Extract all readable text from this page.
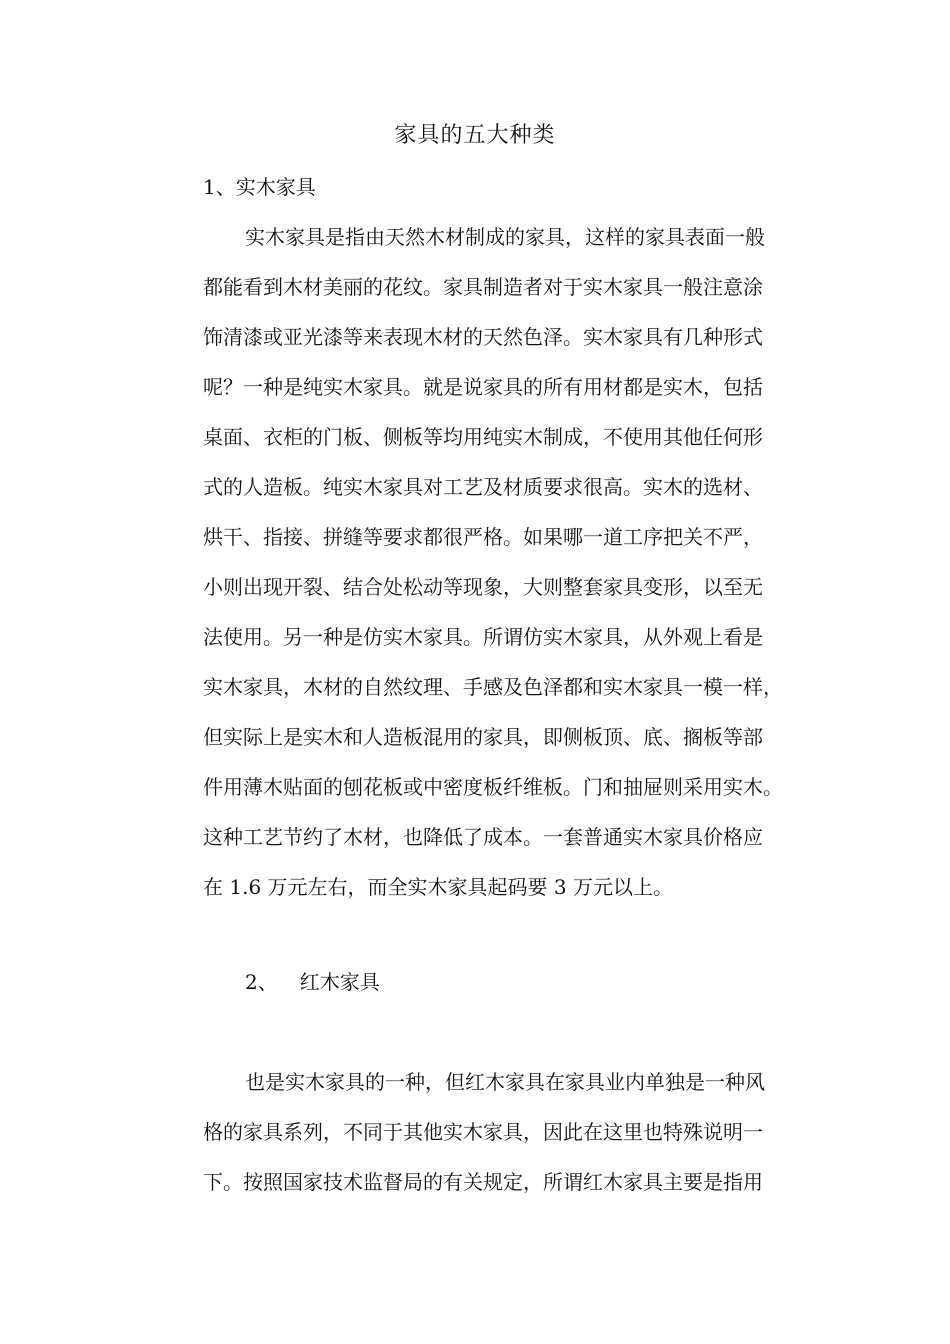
家具的五大种类
1、实木家具
实木家具是指由天然木材制成的家具，这样的家具表面一般
都能看到木材美丽的花纹。家具制造者对于实木家具一般注意涂
饰清漆或亚光漆等来表现木材的天然色泽。实木家具有几种形式
呢？一种是纯实木家具。就是说家具的所有用材都是实木，包括
桌面、衣柜的门板、侧板等均用纯实木制成，不使用其他任何形
式的人造板。纯实木家具对工艺及材质要求很高。实木的选材、
烘干、指接、拼缝等要求都很严格。如果哪一道工序把关不严，
小则出现开裂、结合处松动等现象，大则整套家具变形，以至无
法使用。另一种是仿实木家具。所谓仿实木家具，从外观上看是
实木家具，木材的自然纹理、手感及色泽都和实木家具一模一样，
但实际上是实木和人造板混用的家具，即侧板顶、底、搁板等部
件用薄木贴面的刨花板或中密度板纤维板。门和抽屉则采用实木。
这种工艺节约了木材，也降低了成本。一套普通实木家具价格应
在 1.6 万元左右，而全实木家具起码要 3 万元以上。
2、 红木家具
也是实木家具的一种，但红木家具在家具业内单独是一种风
格的家具系列，不同于其他实木家具，因此在这里也特殊说明一
下。按照国家技术监督局的有关规定，所谓红木家具主要是指用
